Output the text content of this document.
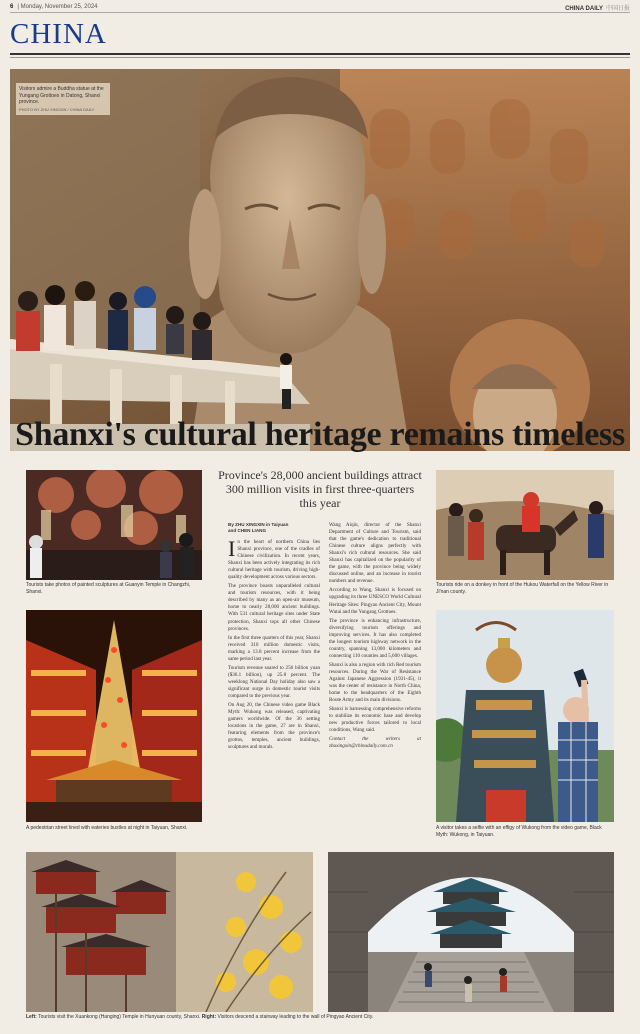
6 | Monday, November 25, 2024	CHINA DAILY 中国日报
CHINA
Visitors admire a Buddha statue at the Yungang Grottoes in Datong, Shanxi province.
PHOTO BY ZHU XINGXIN / CHINA DAILY
Shanxi's cultural heritage remains timeless
Tourists take photos of painted sculptures at Guanyin Temple in Changzhi, Shanxi.
A pedestrian street lined with eateries bustles at night in Taiyuan, Shanxi.
Province's 28,000 ancient buildings attract 300 million visits in first three-quarters this year
By ZHU XINGXIN in Taiyuan
and CHEN LIANG

In the heart of northern China lies Shanxi province, one of the cradles of Chinese civilization. In recent years, Shanxi has been actively integrating its rich cultural heritage with tourism, driving high-quality development across various sectors.

The province boasts unparalleled cultural and tourism resources, with it being described by many as an open-air museum, home to nearly 28,000 ancient buildings. With 531 cultural heritage sites under State protection, Shanxi tops all other Chinese provinces.

In the first three quarters of this year, Shanxi received 310 million domestic visits, marking a 13.8 percent increase from the same period last year.

Tourism revenue soared to 256 billion yuan ($36.1 billion), up 25.8 percent. The weeklong National Day holiday also saw a significant surge in domestic tourist visits compared to the previous year.

On Aug 20, the Chinese video game Black Myth: Wukong was released, captivating gamers worldwide. Of the 36 setting locations in the game, 27 are in Shanxi, featuring elements from the province's grottos, temples, ancient buildings, sculptures and murals.

Wang Aiqin, director of the Shanxi Department of Culture and Tourism, said that the game's dedication to traditional Chinese culture aligns perfectly with Shanxi's rich cultural resources. She said Shanxi has capitalized on the popularity of the game, with the province being widely discussed online, and an increase in tourist numbers and revenue.

According to Wang, Shanxi is focused on upgrading its three UNESCO World Cultural Heritage Sites: Pingyao Ancient City, Mount Wutai and the Yungang Grottoes.

The province is enhancing infrastructure, diversifying tourism offerings and improving services. It has also completed the longest tourism highway network in the country, spanning 13,000 kilometers and connecting 110 counties and 5,600 villages.

Shanxi is also a region with rich Red tourism resources. During the War of Resistance Against Japanese Aggression (1931-45), it was the center of resistance in North China, home to the headquarters of the Eighth Route Army and its main divisions.

Shanxi is harnessing comprehensive reforms to stabilize its economic base and develop new productive forces tailored to local conditions, Wang said.

Contact the writers at zhuxingxin@chinadaily.com.cn

Tourists ride on a donkey in front of the Hukou Waterfall on the Yellow River in Ji'nan county.
A visitor takes a selfie with an effigy of Wukong from the video game, Black Myth: Wukong, in Taiyuan.
Left: Tourists visit the Xuankong (Hanging) Temple in Hunyuan county, Shanxi. Right: Visitors descend a stairway leading to the wall of Pingyao Ancient City.
